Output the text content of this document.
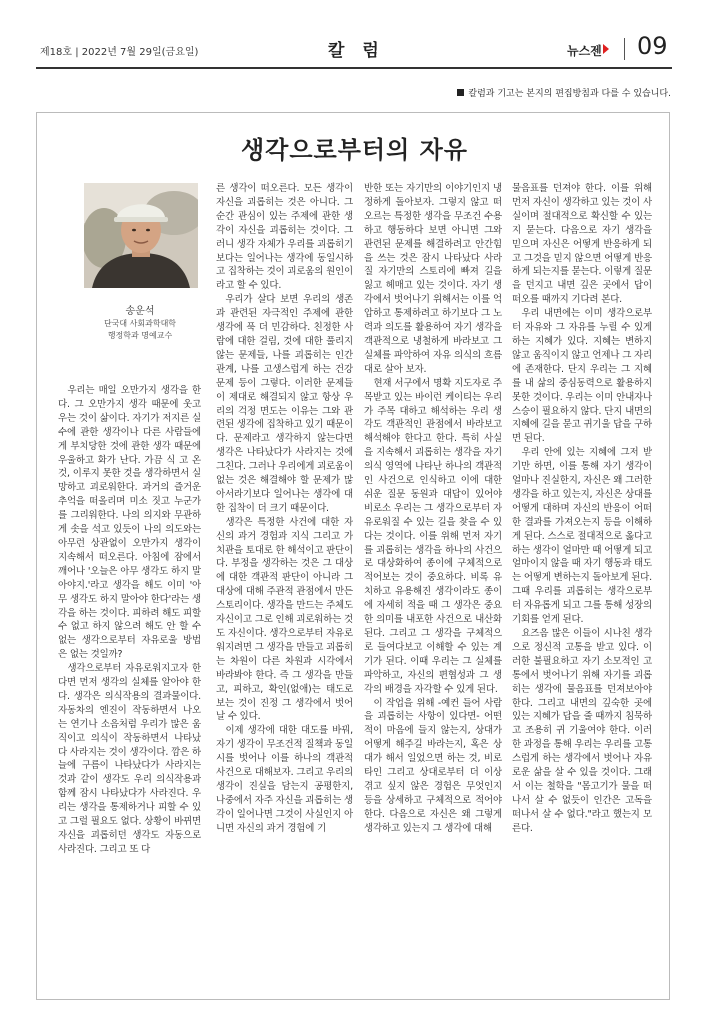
제18호 | 2022년 7월 29일(금요일)	칼 럼	뉴스젠 09
칼럼과 기고는 본지의 편집방침과 다를 수 있습니다.
생각으로부터의 자유
송운석
단국대 사회과학대학
행정학과 명예교수

우리는 매일 오만가지 생각을 한다. 그 오만가지 생각 때문에 웃고 우는 것이 삶이다. 자기가 저지른 실수에 관한 생각이나 다른 사람들에게 부치당한 것에 관한 생각 때문에 우울하고 화가 난다. 가끔 식 고 온 것, 이루지 못한 것을 생각하면서 실망하고 괴로워한다. 과거의 즐거운 추억을 떠올리며 미소 짓고 누군가를 그리워한다. 나의 의지와 무관하게 솟을 석고 있듯이 나의 의도와는 아무런 상관없이 오만가지 생각이 지속해서 떠오른다. 아침에 잠에서 깨어나 '오늘은 아무 생각도 하지 말아야지.'라고 생각을 해도 이미 '아무 생각도 하지 말아야 한다'라는 생각을 하는 것이다. 피하려 해도 피할 수 없고 하지 않으려 해도 안 할 수 없는 생각으로부터 자유로울 방법은 없는 것일까?

생각으로부터 자유로워지고자 한다면 먼저 생각의 실체를 알아야 한다. 생각은 의식작용의 결과물이다. 자동차의 엔진이 작동하면서 나오는 연기나 소음처럼 우리가 많은 움직이고 의식이 작동하면서 나타났다 사라지는 것이 생각이다. 깜은 하늘에 구름이 나타났다가 사라지는 것과 같이 생각도 우리 의식작용과 함께 잠시 나타났다가 사라진다. 우리는 생각을 통제하거나 피할 수 있고 그럴 필요도 없다. 상황이 바뀌면 자신을 괴롭히던 생각도 자동으로 사라진다. 그리고 또 다

른 생각이 떠오른다. 모든 생각이 자신을 괴롭히는 것은 아니다. 그 순간 관심이 있는 주제에 관한 생각이 자신을 괴롭히는 것이다. 그러니 생각 자체가 우리를 괴롭히기보다는 일어나는 생각에 동일시하고 집착하는 것이 괴로움의 원인이라고 할 수 있다.

우리가 살다 보면 우리의 생존과 관련된 자극적인 주제에 관한 생각에 푹 더 민감하다. 친정한 사람에 대한 걸림, 것에 대한 풀리지 않는 문제들, 나를 괴롭히는 인간관계, 나를 고생스럽게 하는 건강 문제 등이 그렇다. 이러한 문제들이 제대로 해결되지 않고 항상 우리의 걱정 면도는 이유는 그와 관련된 생각에 집착하고 있기 때문이다. 문제라고 생각하지 않는다면 생각은 나타났다가 사라지는 것에 그친다. 그러나 우리에게 괴로움이 없는 것은 해결해야 할 문제가 많아서라기보다 일어나는 생각에 대한 집착이 더 크기 때문이다.

생각은 특정한 사건에 대한 자신의 과거 경험과 지식 그리고 가치관을 토대로 한 해석이고 판단이다. 부정을 생각하는 것은 그 대상에 대한 객관적 판단이 아니라 그 대상에 대해 주관적 관점에서 만든 스토리이다. 생각을 만드는 주체도 자신이고 그로 인해 괴로워하는 것도 자신이다. 생각으로부터 자유로워지려면 그 생각을 만들고 괴롭히는 차원이 다른 차원과 시각에서 바라봐야 한다. 즉 그 생각을 만들고, 피하고, 확인(없애)는 태도로 보는 것이 진정 그 생각에서 벗어날 수 있다.

이제 생각에 대한 대도를 바꿔, 자기 생각이 무조건적 질책과 동일시를 벗어나 이를 하나의 객관적 사건으로 대해보자. 그리고 우리의 생각이 진실을 담는지 공평한지, 나중에서 자주 자신을 괴롭히는 생각이 일어나면 그것이 사실인지 아니면 자신의 과거 경험에 기

반한 또는 자기만의 이야기인지 냉정하게 돌아보자. 그렇지 않고 떠오르는 특정한 생각을 무조건 수용하고 행동하다 보면 아니면 그와 관련된 문제를 해결하려고 안간힘을 쓰는 것은 잠시 나타났다 사라질 자기만의 스토리에 빠져 길을 잃고 헤매고 있는 것이다. 자기 생각에서 벗어나기 위해서는 이를 억압하고 통제하려고 하기보다 그 노력과 의도를 활용하여 자기 생각을 객관적으로 냉철하게 바라보고 그 실체를 파악하여 자유 의식의 흐름대로 살아 보자.

현재 서구에서 명확 지도자로 주목받고 있는 바이런 케이티는 우리가 주목 대하고 해석하는 우리 생각도 객관적인 관점에서 바라보고 해석해야 한다고 한다. 특히 사실을 지속해서 괴롭히는 생각을 자기 의식 영역에 나타난 하나의 객관적인 사건으로 인식하고 이에 대한 쉬운 질문 동원과 대답이 있어야 비로소 우리는 그 생각으로부터 자유로워질 수 있는 길을 찾을 수 있다는 것이다. 이를 위해 먼저 자기를 괴롭히는 생각을 하나의 사건으로 대상화하여 종이에 구체적으로 적어보는 것이 중요하다. 비록 유치하고 유용해진 생각이라도 종이에 자세히 적을 때 그 생각은 중요한 의미를 내포한 사건으로 내산화된다. 그리고 그 생각을 구체적으로 들여다보고 이해할 수 있는 계기가 된다. 이때 우리는 그 실체를 파악하고, 자신의 편협성과 그 생각의 배경을 자각할 수 있게 된다.

이 작업을 위해 -예컨 들어 사람을 괴롭히는 사항이 있다면- 어떤 적이 마음에 들지 않는지, 상대가 어떻게 해주길 바라는지, 혹은 상대가 해서 일었으면 하는 것, 비로 타인 그리고 상대로부터 더 이상 겪고 싶지 않은 경험은 무엇인지 등을 상세하고 구체적으로 적어야 한다. 다음으로 자신은 왜 그렇게 생각하고 있는지 그 생각에 대해

물음표를 던져야 한다. 이를 위해 먼저 자신이 생각하고 있는 것이 사실이며 절대적으로 확신할 수 있는지 묻는다. 다음으로 자기 생각을 믿으며 자신은 어떻게 반응하게 되고 그것을 믿지 않으면 어떻게 반응하게 되는지를 묻는다. 이렇게 질문을 던지고 내면 깊은 곳에서 답이 떠오를 때까지 기다려 본다.

우리 내면에는 이미 생각으로부터 자유와 그 자유를 누릴 수 있게 하는 지혜가 있다. 지혜는 변하지 않고 움직이지 않고 언제나 그 자리에 존재한다. 단지 우리는 그 지혜를 내 삶의 중심동력으로 활용하지 못한 것이다. 우리는 이미 안내자나 스승이 필요하지 않다. 단지 내면의 지혜에 길을 묻고 귀기울 답을 구하면 된다.

우리 안에 있는 지혜에 그저 받기만 하면, 이를 통해 자기 생각이 얼마나 진실한지, 자신은 왜 그러한 생각을 하고 있는지, 자신은 상대를 어떻게 대하며 자신의 반응이 어떠한 결과를 가져오는지 등을 이해하게 된다. 스스로 절대적으로 옳다고 하는 생각이 얼마만 때 어떻게 되고 얼마이지 않을 때 자기 행동과 태도는 어떻게 변하는지 돌아보게 된다. 그때 우리를 괴롭히는 생각으로부터 자유롭게 되고 그를 통해 성장의 기회를 얻게 된다.

요즈음 많은 이들이 시나친 생각으로 정신적 고통을 받고 있다. 이러한 불필요하고 자기 소모적인 고통에서 벗어나기 위해 자기를 괴롭히는 생각에 물음표를 던져보아야 한다. 그리고 내면의 깊숙한 곳에 있는 지혜가 답을 줄 때까지 침묵하고 조용히 귀 기울여야 한다. 이러한 과정을 통해 우리는 우리를 고통스럽게 하는 생각에서 벗어나 자유로운 삶을 살 수 있을 것이다. 그래서 이는 철학을 "몸고기가 물을 떠나서 살 수 없듯이 인간은 고독을 떠나서 살 수 없다."라고 했는지 모른다.
